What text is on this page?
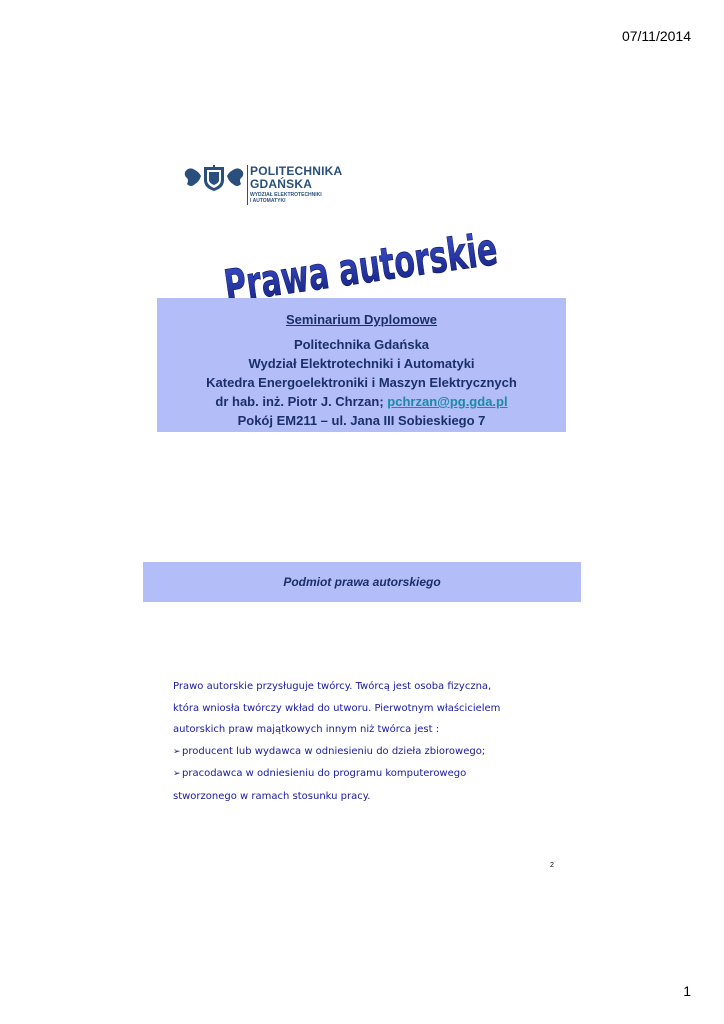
07/11/2014
POLITECHNIKA
GDAŃSKA
WYDZIAŁ ELEKTROTECHNIKI
I AUTOMATYKI
Prawa autorskie
Seminarium Dyplomowe
Politechnika Gdańska
Wydział Elektrotechniki i Automatyki
Katedra Energoelektroniki i Maszyn Elektrycznych
dr hab. inż. Piotr J. Chrzan; pchrzan@pg.gda.pl
Pokój EM211 – ul. Jana III Sobieskiego 7
Podmiot prawa autorskiego
Prawo autorskie przysługuje twórcy. Twórcą jest osoba fizyczna,
która wniosła twórczy wkład do utworu. Pierwotnym właścicielem
autorskich praw majątkowych innym niż twórca jest :
➢producent lub wydawca w odniesieniu do dzieła zbiorowego;
➢pracodawca w odniesieniu do programu komputerowego
stworzonego w ramach stosunku pracy.
2
1
